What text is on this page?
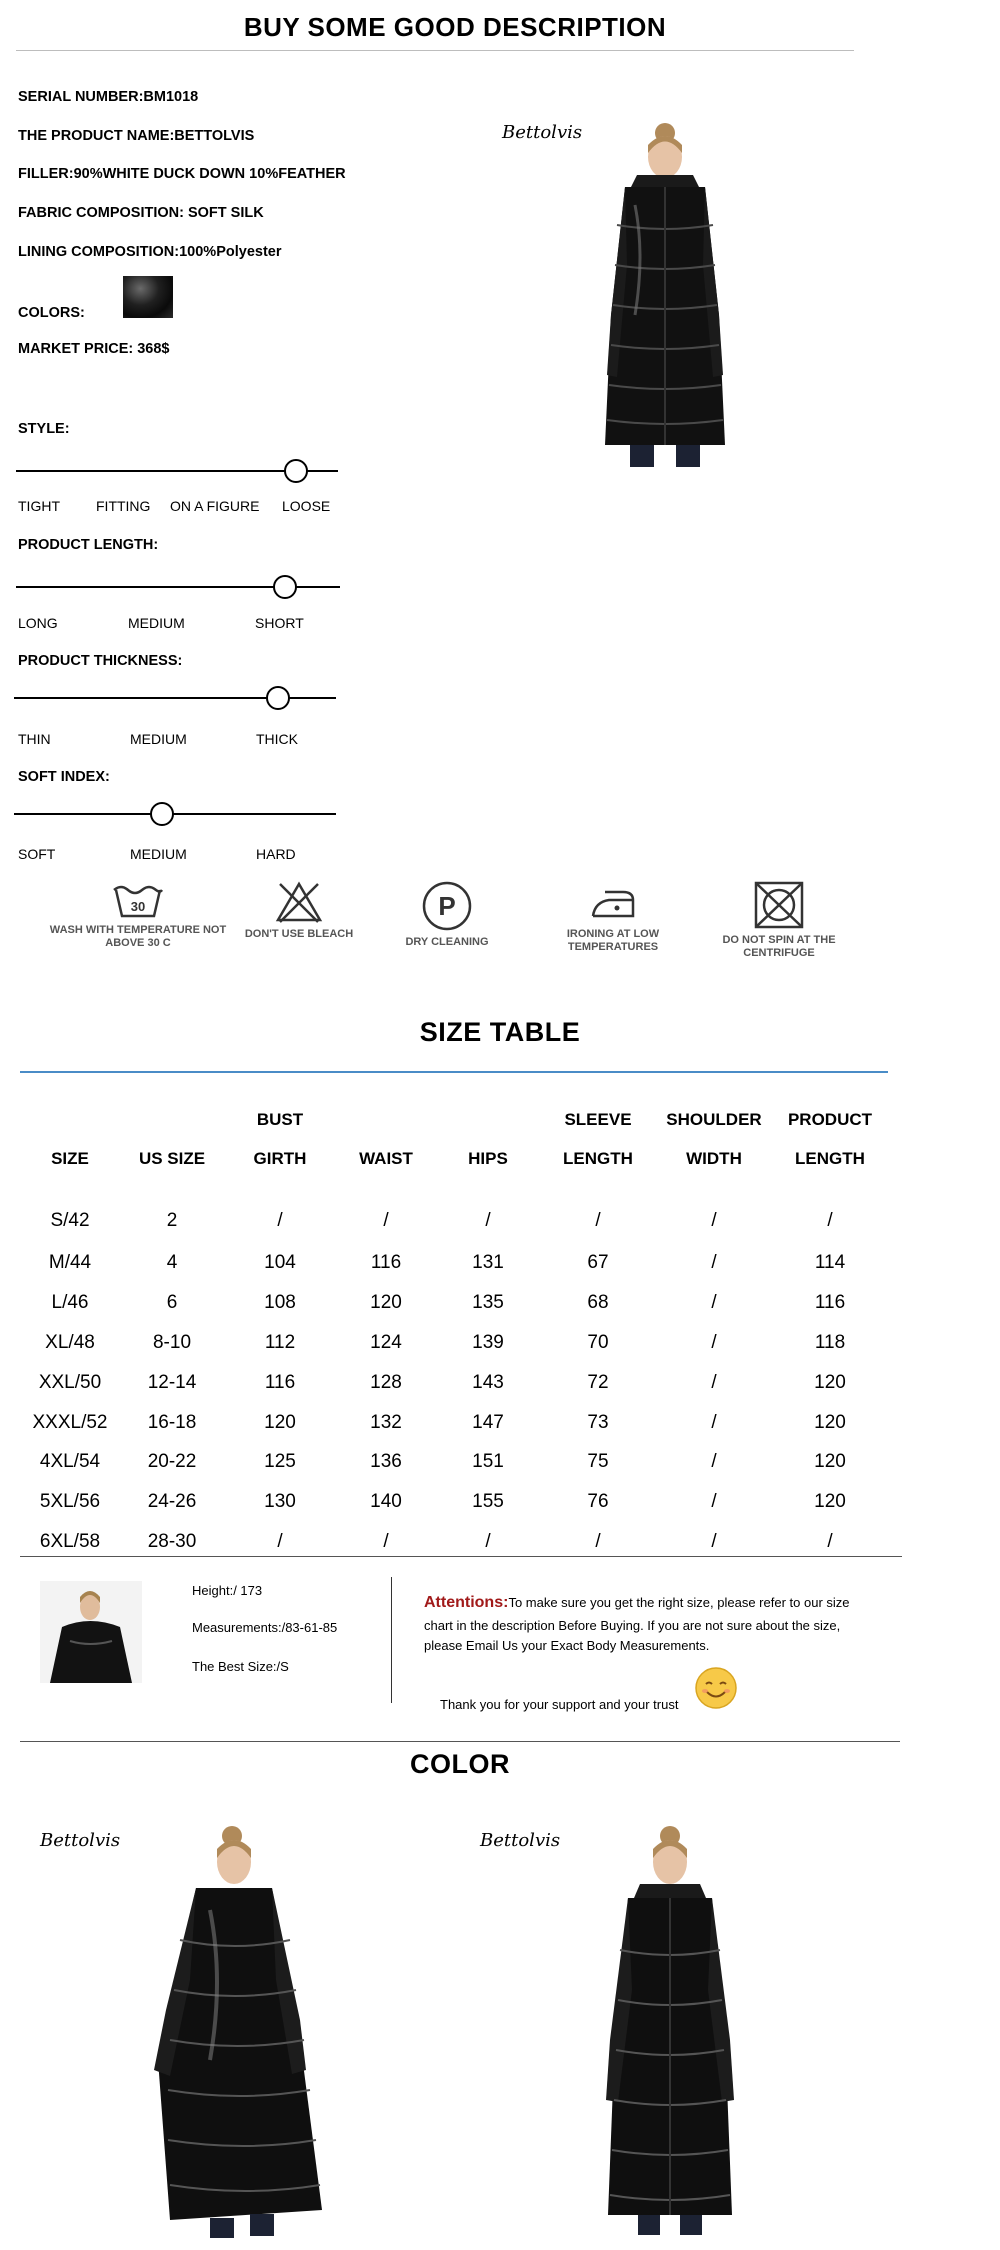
BUY SOME GOOD DESCRIPTION
SERIAL NUMBER:BM1018
THE PRODUCT NAME:BETTOLVIS
FILLER:90%WHITE DUCK DOWN 10%FEATHER
FABRIC COMPOSITION: SOFT SILK
LINING COMPOSITION:100%Polyester
COLORS:
MARKET PRICE: 368$
Bettolvis
STYLE:
TIGHT	FITTING ON A FIGURE LOOSE
PRODUCT LENGTH:
LONG	MEDIUM	SHORT
PRODUCT THICKNESS:
THIN	MEDIUM	THICK
SOFT INDEX:
SOFT	MEDIUM	HARD
30
WASH WITH TEMPERATURE NOT ABOVE 30 C
DON'T USE BLEACH
P
DRY CLEANING
IRONING AT LOW TEMPERATURES
DO NOT SPIN AT THE CENTRIFUGE
SIZE TABLE
BUST	SLEEVE	SHOULDER	PRODUCT
SIZE	US SIZE	GIRTH	WAIST	HIPS	LENGTH	WIDTH	LENGTH
S/42	2	/	/	/	/	/	/
M/44	4	104	116	131	67	/	114
L/46	6	108	120	135	68	/	116
XL/48	8-10	112	124	139	70	/	118
XXL/50	12-14	116	128	143	72	/	120
XXXL/52	16-18	120	132	147	73	/	120
4XL/54	20-22	125	136	151	75	/	120
5XL/56	24-26	130	140	155	76	/	120
6XL/58	28-30	/	/	/	/	/	/
Height:/ 173
Measurements:/83-61-85
The Best Size:/S
Attentions:To make sure you get the right size, please refer to our size
chart in the description Before Buying. If you are not sure about the size,
please Email Us your Exact Body Measurements.
Thank you for your support and your trust
COLOR
Bettolvis	Bettolvis
